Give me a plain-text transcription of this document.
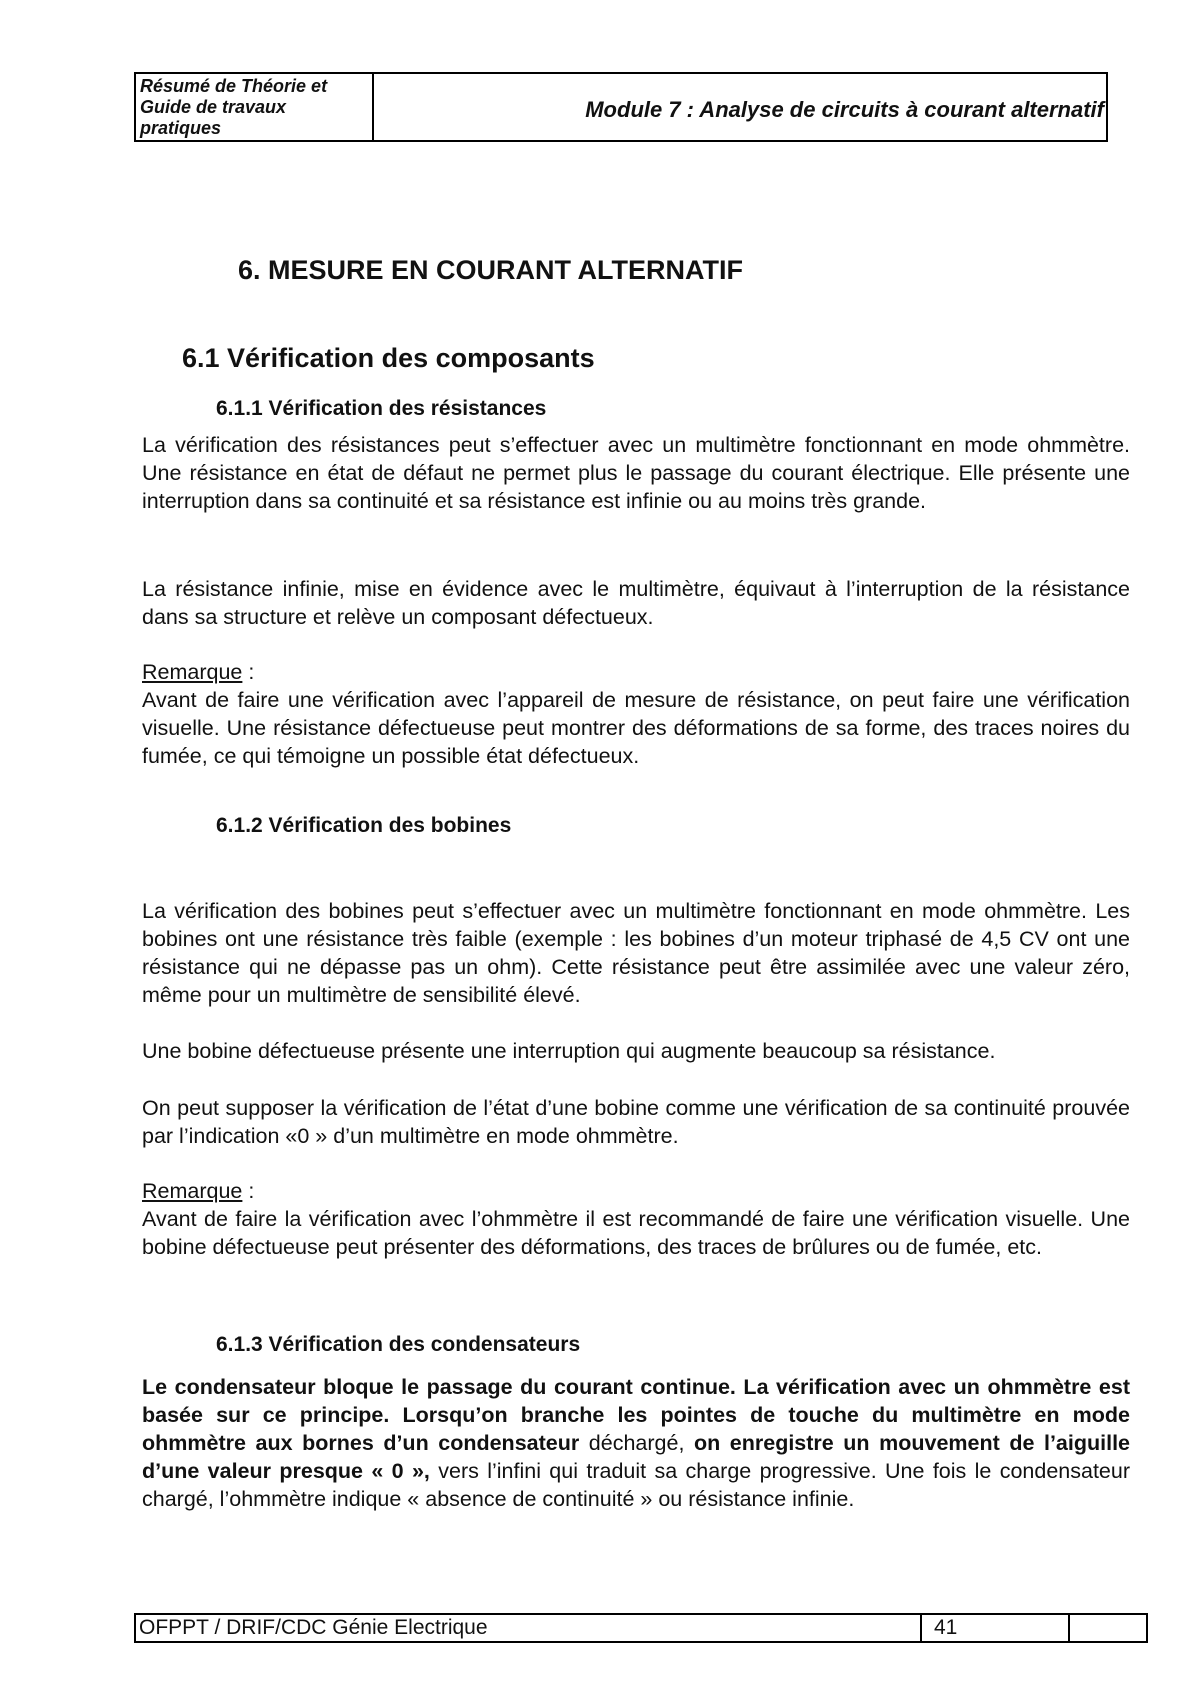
Résumé de Théorie et
Guide de travaux
pratiques
Module 7 : Analyse de circuits à courant alternatif
6. MESURE EN COURANT ALTERNATIF
6.1 Vérification des composants
6.1.1 Vérification des résistances

La vérification des résistances peut s’effectuer avec un multimètre fonctionnant en mode ohmmètre. Une résistance en état de défaut ne permet plus le passage du courant électrique. Elle présente une interruption dans sa continuité et sa résistance est infinie ou au moins très grande.

La résistance infinie, mise en évidence avec le multimètre, équivaut à l’interruption de la résistance dans sa structure et relève un composant défectueux.

Remarque :

Avant de faire une vérification avec l’appareil de mesure de résistance, on peut faire une vérification visuelle. Une résistance défectueuse peut montrer des déformations de sa forme, des traces noires du fumée, ce qui témoigne un possible état défectueux.

6.1.2 Vérification des bobines

La vérification des bobines peut s’effectuer avec un multimètre fonctionnant en mode ohmmètre. Les bobines ont une résistance très faible (exemple : les bobines d’un moteur triphasé de 4,5 CV ont une résistance qui ne dépasse pas un ohm). Cette résistance peut être assimilée avec une valeur zéro, même pour un multimètre de sensibilité élevé.

Une bobine défectueuse présente une interruption qui augmente beaucoup sa résistance.

On peut supposer la vérification de l’état d’une bobine comme une vérification de sa continuité prouvée par l’indication «0 » d’un multimètre en mode ohmmètre.

Remarque :

Avant de faire la vérification avec l’ohmmètre il est recommandé de faire une vérification visuelle. Une bobine défectueuse peut présenter des déformations, des traces de brûlures ou de fumée, etc.

6.1.3 Vérification des condensateurs

Le condensateur bloque le passage du courant continue. La vérification avec un ohmmètre est basée sur ce principe. Lorsqu’on branche les pointes de touche du multimètre en mode ohmmètre aux bornes d’un condensateur déchargé, on enregistre un mouvement de l’aiguille d’une valeur presque « 0 », vers l’infini qui traduit sa charge progressive. Une fois le condensateur chargé, l’ohmmètre indique « absence de continuité » ou résistance infinie.

OFPPT / DRIF/CDC Génie Electrique	41
